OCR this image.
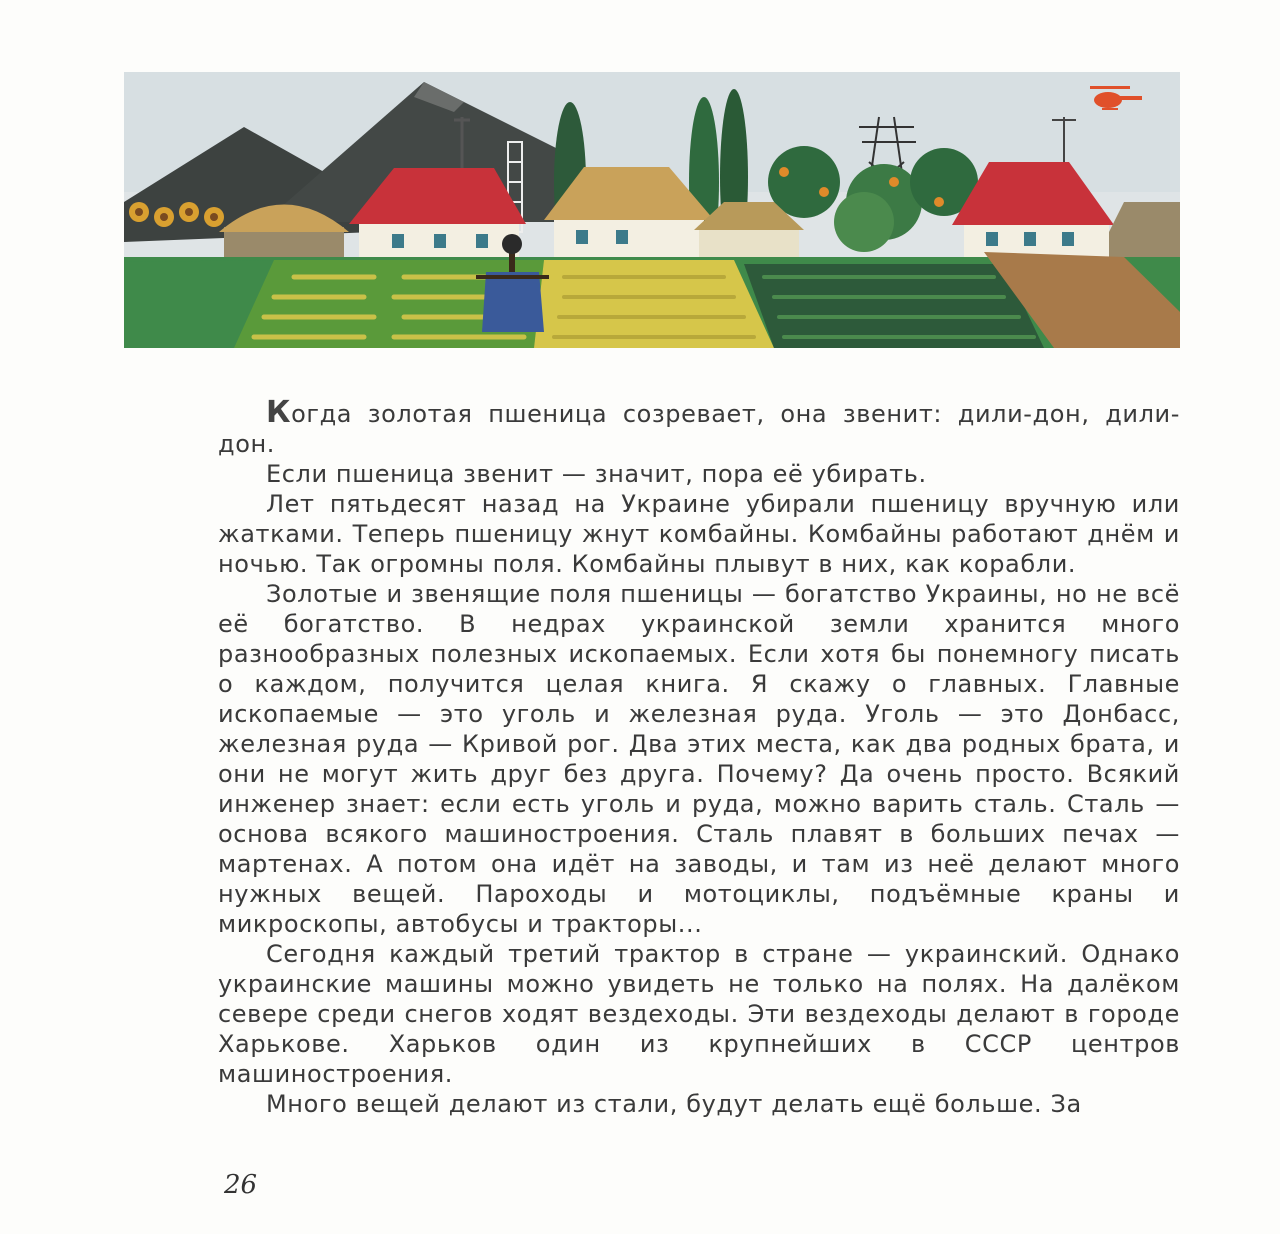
Когда золотая пшеница созревает, она звенит: дили-дон, дили-дон.

Если пшеница звенит — значит, пора её убирать.

Лет пятьдесят назад на Украине убирали пшеницу вручную или жатками. Теперь пшеницу жнут комбайны. Комбайны работают днём и ночью. Так огромны поля. Комбайны плывут в них, как корабли.

Золотые и звенящие поля пшеницы — богатство Украины, но не всё её богатство. В недрах украинской земли хранится много разнообразных полезных ископаемых. Если хотя бы понемногу писать о каждом, получится целая книга. Я скажу о главных. Главные ископаемые — это уголь и железная руда. Уголь — это Донбасс, железная руда — Кривой рог. Два этих места, как два родных брата, и они не могут жить друг без друга. Почему? Да очень просто. Всякий инженер знает: если есть уголь и руда, можно варить сталь. Сталь — основа всякого машиностроения. Сталь плавят в больших печах — мартенах. А потом она идёт на заводы, и там из неё делают много нужных вещей. Пароходы и мотоциклы, подъёмные краны и микроскопы, автобусы и тракторы...

Сегодня каждый третий трактор в стране — украинский. Однако украинские машины можно увидеть не только на полях. На далёком севере среди снегов ходят вездеходы. Эти вездеходы делают в городе Харькове. Харьков один из крупнейших в СССР центров машиностроения.

Много вещей делают из стали, будут делать ещё больше. За

26
